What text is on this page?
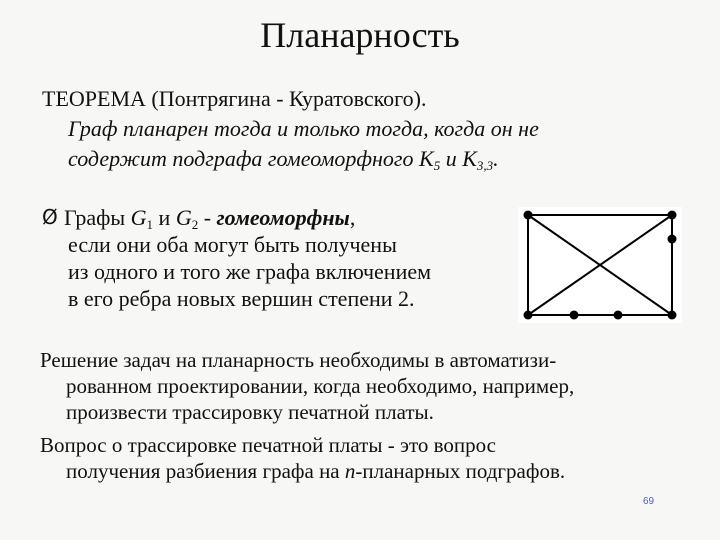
Планарность
ТЕОРЕМА (Понтрягина - Куратовского).
Граф планарен тогда и только тогда, когда он не
содержит подграфа гомеоморфного $K_5$ и $K_{3,3}$.
Ø Графы $G_1$ и $G_2$ - гомеоморфны,
если они оба могут быть получены
из одного и того же графа включением
в его ребра новых вершин степени 2.
Решение задач на планарность необходимы в автоматизи-
рованном проектировании, когда необходимо, например,
произвести трассировку печатной платы.
Вопрос о трассировке печатной платы - это вопрос
получения разбиения графа на n-планарных подграфов.
69
